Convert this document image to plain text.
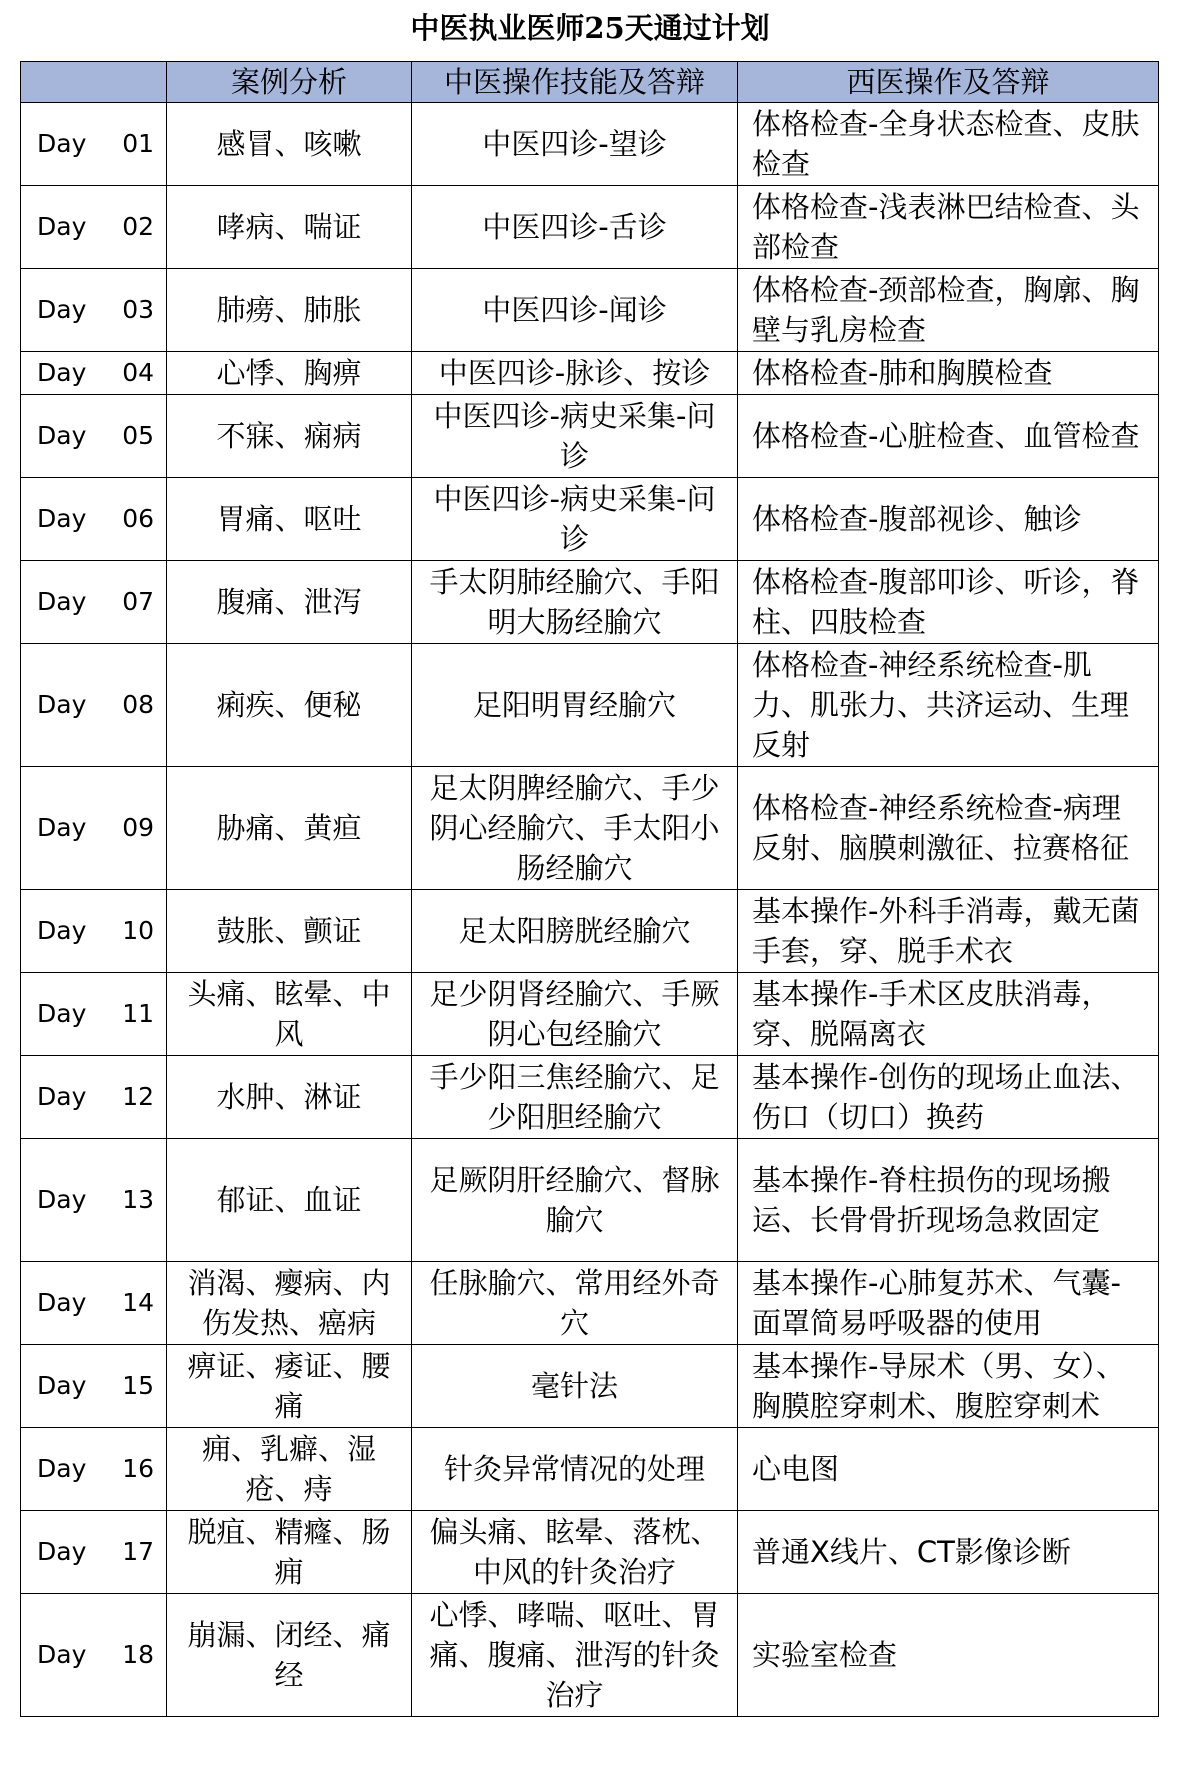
中医执业医师25天通过计划
	案例分析	中医操作技能及答辩	西医操作及答辩

Day 01	感冒、咳嗽	中医四诊-望诊	体格检查-全身状态检查、皮肤检查

Day 02	哮病、喘证	中医四诊-舌诊	体格检查-浅表淋巴结检查、头部检查

Day 03	肺痨、肺胀	中医四诊-闻诊	体格检查-颈部检查，胸廓、胸壁与乳房检查

Day 04	心悸、胸痹	中医四诊-脉诊、按诊	体格检查-肺和胸膜检查

Day 05	不寐、痫病	中医四诊-病史采集-问诊	体格检查-心脏检查、血管检查

Day 06	胃痛、呕吐	中医四诊-病史采集-问诊	体格检查-腹部视诊、触诊

Day 07	腹痛、泄泻	手太阴肺经腧穴、手阳明大肠经腧穴	体格检查-腹部叩诊、听诊，脊柱、四肢检查

Day 08	痢疾、便秘	足阳明胃经腧穴	体格检查-神经系统检查-肌力、肌张力、共济运动、生理反射

Day 09	胁痛、黄疸	足太阴脾经腧穴、手少阴心经腧穴、手太阳小肠经腧穴	体格检查-神经系统检查-病理反射、脑膜刺激征、拉赛格征

Day 10	鼓胀、颤证	足太阳膀胱经腧穴	基本操作-外科手消毒，戴无菌手套，穿、脱手术衣

Day 11	头痛、眩晕、中风	足少阴肾经腧穴、手厥阴心包经腧穴	基本操作-手术区皮肤消毒，穿、脱隔离衣

Day 12	水肿、淋证	手少阳三焦经腧穴、足少阳胆经腧穴	基本操作-创伤的现场止血法、伤口（切口）换药

Day 13	郁证、血证	足厥阴肝经腧穴、督脉腧穴	基本操作-脊柱损伤的现场搬运、长骨骨折现场急救固定

Day 14	消渴、瘿病、内伤发热、癌病	任脉腧穴、常用经外奇穴	基本操作-心肺复苏术、气囊-面罩简易呼吸器的使用

Day 15	痹证、痿证、腰痛	毫针法	基本操作-导尿术（男、女）、胸膜腔穿刺术、腹腔穿刺术

Day 16	痈、乳癖、湿疮、痔	针灸异常情况的处理	心电图

Day 17	脱疽、精癃、肠痈	偏头痛、眩晕、落枕、中风的针灸治疗	普通X线片、CT影像诊断

Day 18	崩漏、闭经、痛经	心悸、哮喘、呕吐、胃痛、腹痛、泄泻的针灸治疗	实验室检查
